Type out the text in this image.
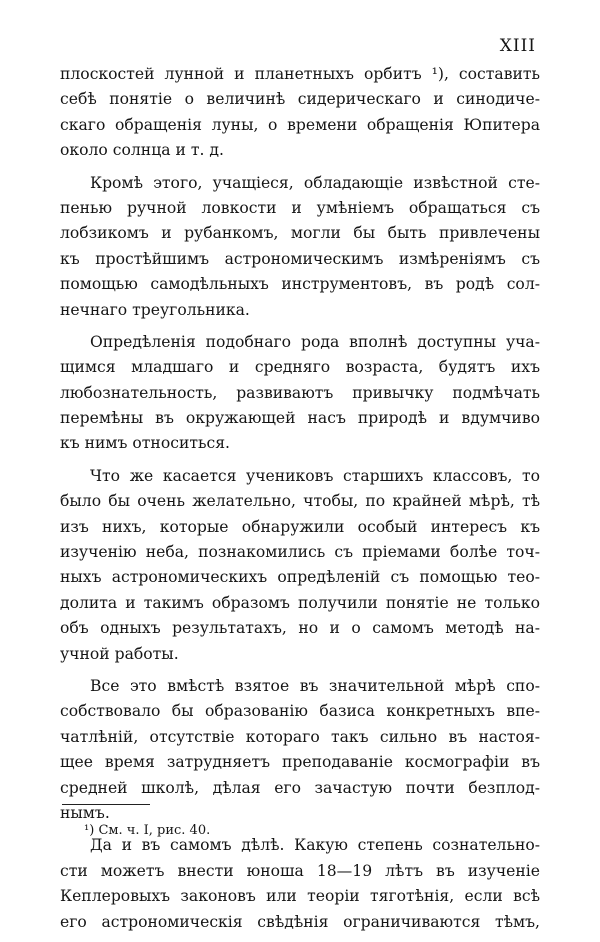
XIII
плоскостей лунной и планетныхъ орбитъ ¹), составить
себѣ понятіе о величинѣ сидерическаго и синодиче-
скаго обращенія луны, о времени обращенія Юпитера
около солнца и т. д.
Кромѣ этого, учащіеся, обладающіе извѣстной сте-
пенью ручной ловкости и умѣніемъ обращаться съ
лобзикомъ и рубанкомъ, могли бы быть привлечены
къ простѣйшимъ астрономическимъ измѣреніямъ съ
помощью самодѣльныхъ инструментовъ, въ родѣ сол-
нечнаго треугольника.
Опредѣленія подобнаго рода вполнѣ доступны уча-
щимся младшаго и средняго возраста, будятъ ихъ
любознательность, развиваютъ привычку подмѣчать
перемѣны въ окружающей насъ природѣ и вдумчиво
къ нимъ относиться.
Что же касается учениковъ старшихъ классовъ, то
было бы очень желательно, чтобы, по крайней мѣрѣ, тѣ
изъ нихъ, которые обнаружили особый интересъ къ
изученію неба, познакомились съ пріемами болѣе точ-
ныхъ астрономическихъ опредѣленій съ помощью тео-
долита и такимъ образомъ получили понятіе не только
объ одныхъ результатахъ, но и о самомъ методѣ на-
учной работы.
Все это вмѣстѣ взятое въ значительной мѣрѣ спо-
собствовало бы образованію базиса конкретныхъ впе-
чатлѣній, отсутствіе котораго такъ сильно въ настоя-
щее время затрудняетъ преподаваніе космографіи въ
средней школѣ, дѣлая его зачастую почти безплод-
нымъ.
Да и въ самомъ дѣлѣ. Какую степень сознательно-
сти можетъ внести юноша 18—19 лѣтъ въ изученіе
Кеплеровыхъ законовъ или теоріи тяготѣнія, если всѣ
его астрономическія свѣдѣнія ограничиваются тѣмъ,
¹) См. ч. I, рис. 40.
